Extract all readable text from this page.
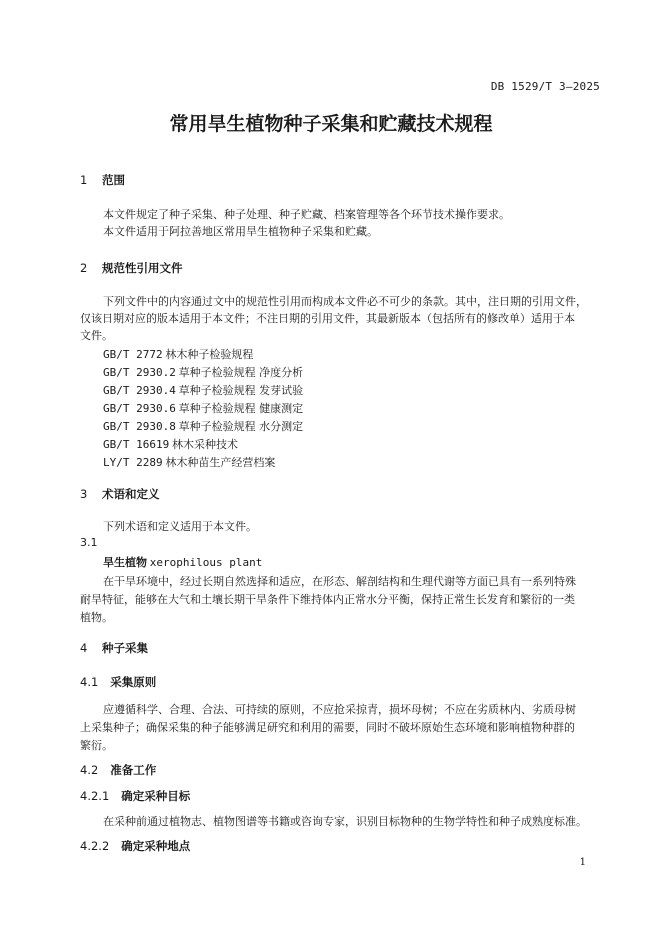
DB 1529/T 3—2025
常用旱生植物种子采集和贮藏技术规程
1 范围
本文件规定了种子采集、种子处理、种子贮藏、档案管理等各个环节技术操作要求。
本文件适用于阿拉善地区常用旱生植物种子采集和贮藏。
2 规范性引用文件
下列文件中的内容通过文中的规范性引用而构成本文件必不可少的条款。其中，注日期的引用文件，
仅该日期对应的版本适用于本文件；不注日期的引用文件，其最新版本（包括所有的修改单）适用于本
文件。
GB/T 2772 林木种子检验规程
GB/T 2930.2 草种子检验规程 净度分析
GB/T 2930.4 草种子检验规程 发芽试验
GB/T 2930.6 草种子检验规程 健康测定
GB/T 2930.8 草种子检验规程 水分测定
GB/T 16619 林木采种技术
LY/T 2289 林木种苗生产经营档案
3 术语和定义
下列术语和定义适用于本文件。
3.1
旱生植物 xerophilous plant
在干旱环境中，经过长期自然选择和适应，在形态、解剖结构和生理代谢等方面已具有一系列特殊
耐旱特征，能够在大气和土壤长期干旱条件下维持体内正常水分平衡，保持正常生长发育和繁衍的一类
植物。
4 种子采集
4.1 采集原则
应遵循科学、合理、合法、可持续的原则，不应抢采掠青，损坏母树；不应在劣质林内、劣质母树
上采集种子；确保采集的种子能够满足研究和利用的需要，同时不破坏原始生态环境和影响植物种群的
繁衍。
4.2 准备工作
4.2.1 确定采种目标
在采种前通过植物志、植物图谱等书籍或咨询专家，识别目标物种的生物学特性和种子成熟度标准。
4.2.2 确定采种地点
1
